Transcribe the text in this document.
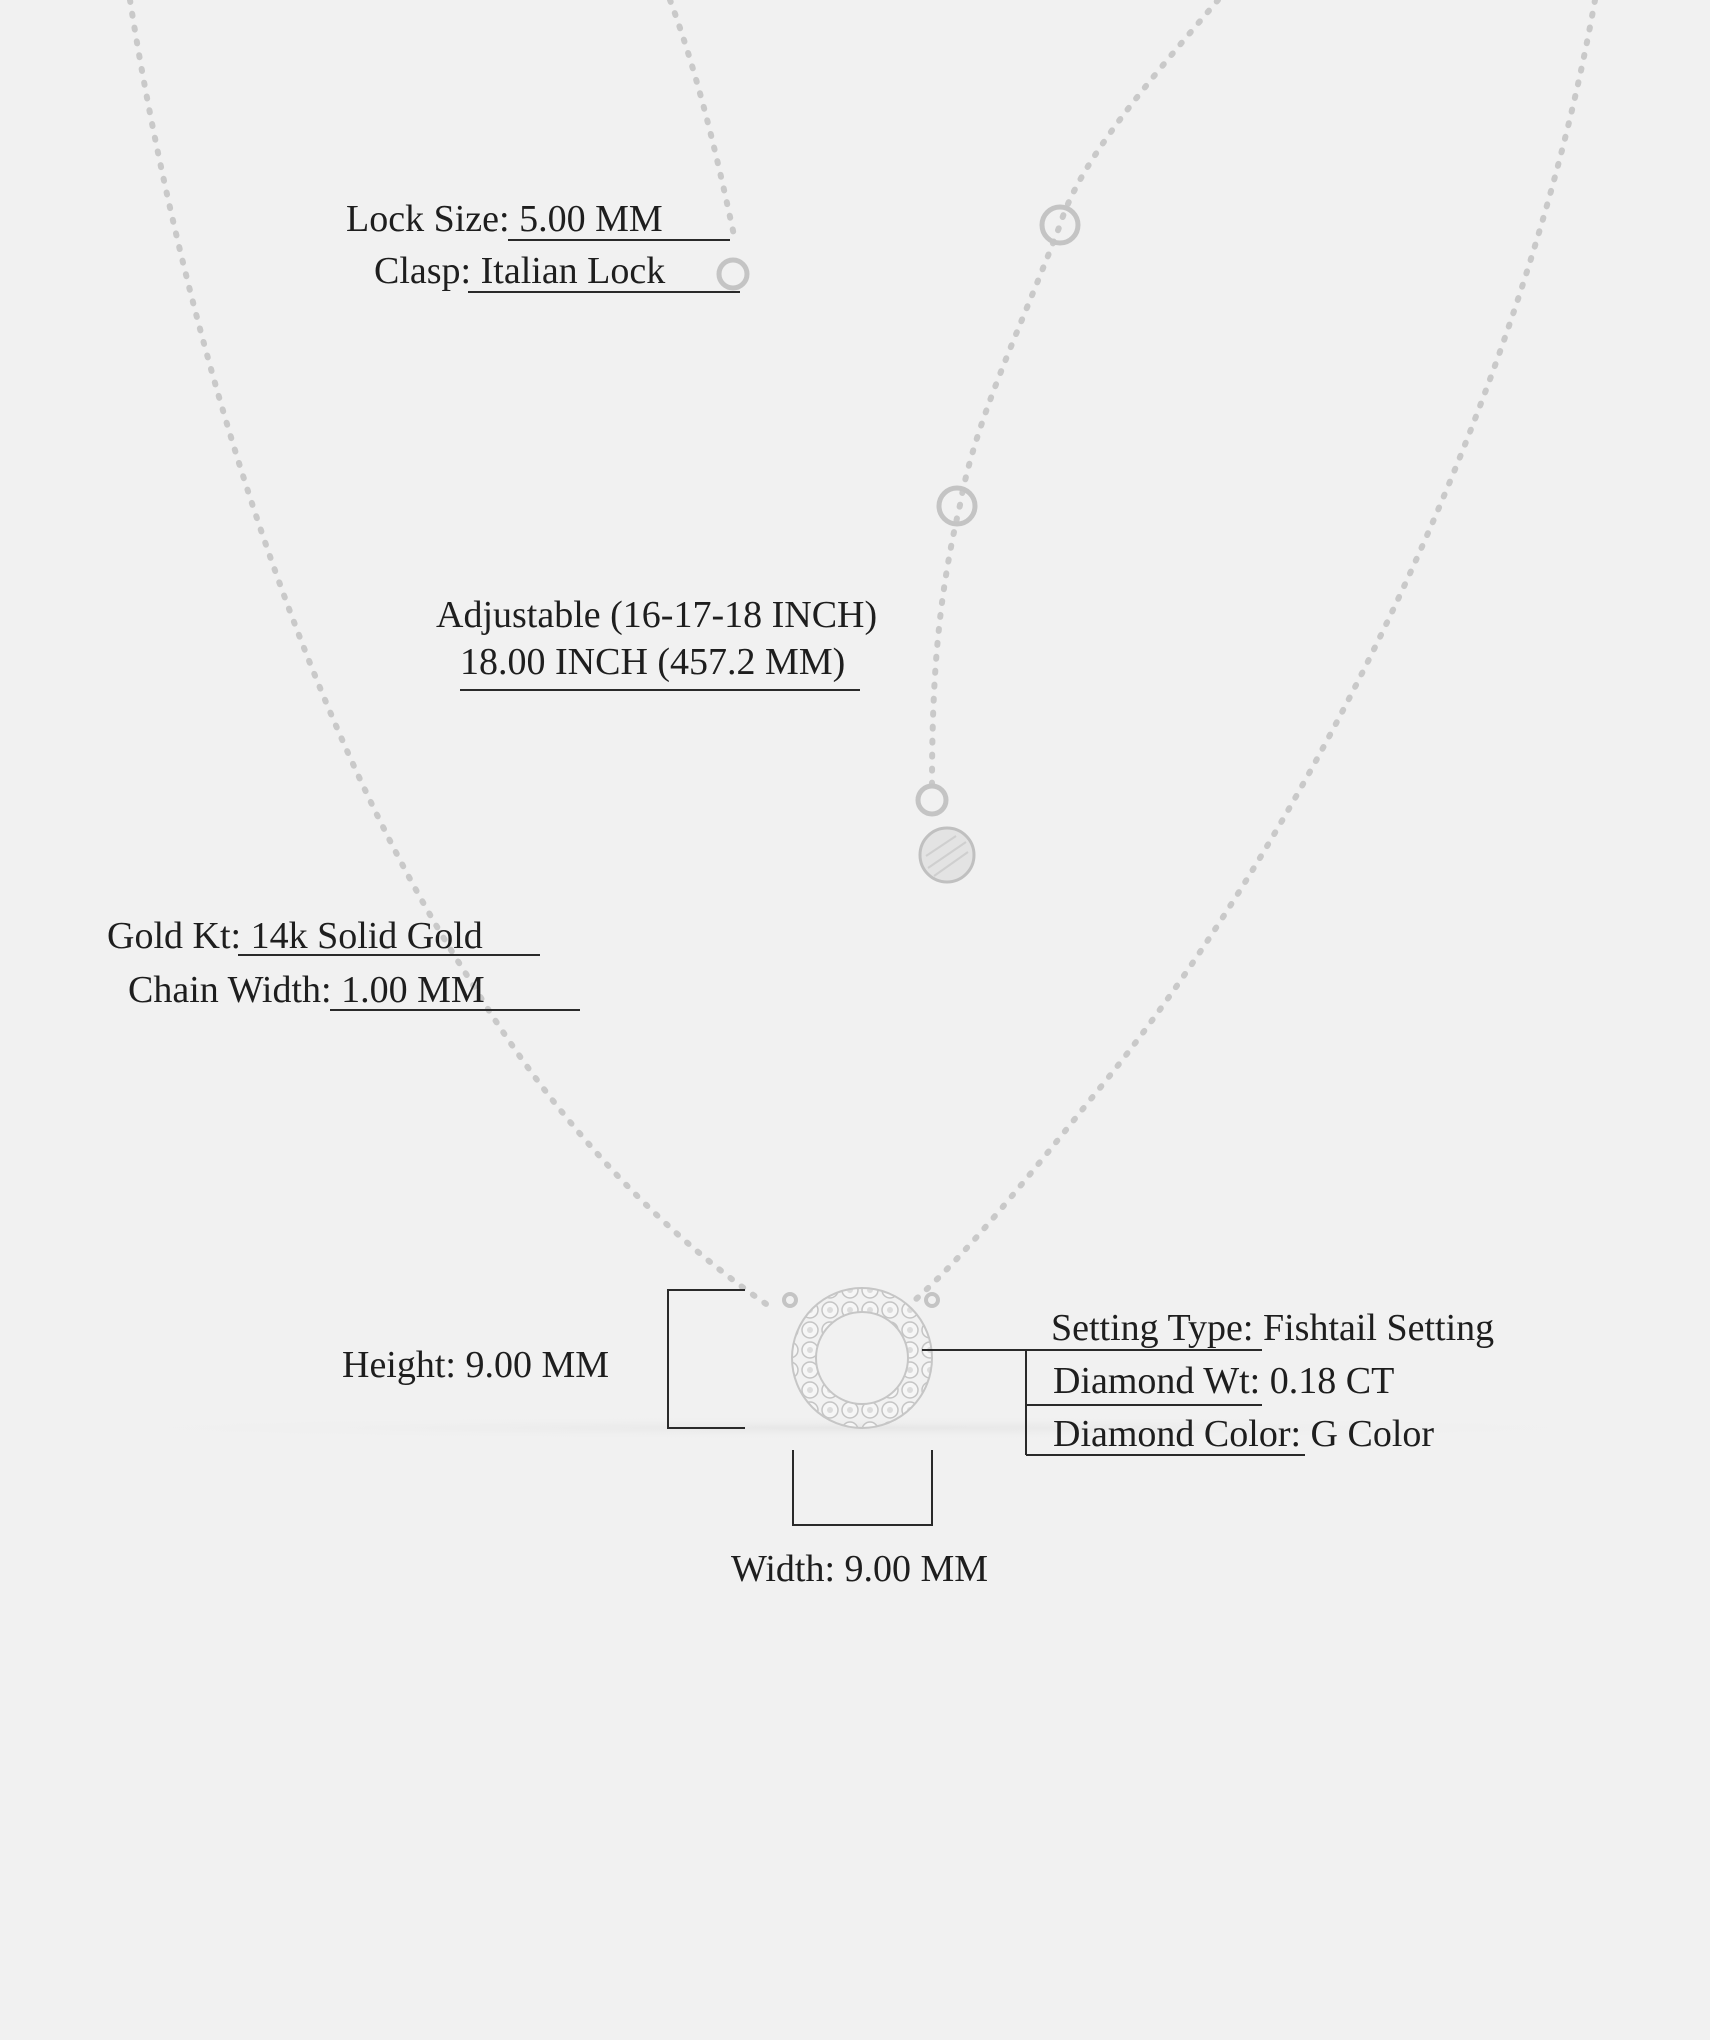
Lock Size: 5.00 MM
Clasp: Italian Lock
Adjustable (16-17-18 INCH)
18.00 INCH (457.2 MM)
Gold Kt: 14k Solid Gold
Chain Width: 1.00 MM
Height: 9.00 MM
Width: 9.00 MM
Setting Type: Fishtail Setting
Diamond Wt: 0.18 CT
Diamond Color: G Color
